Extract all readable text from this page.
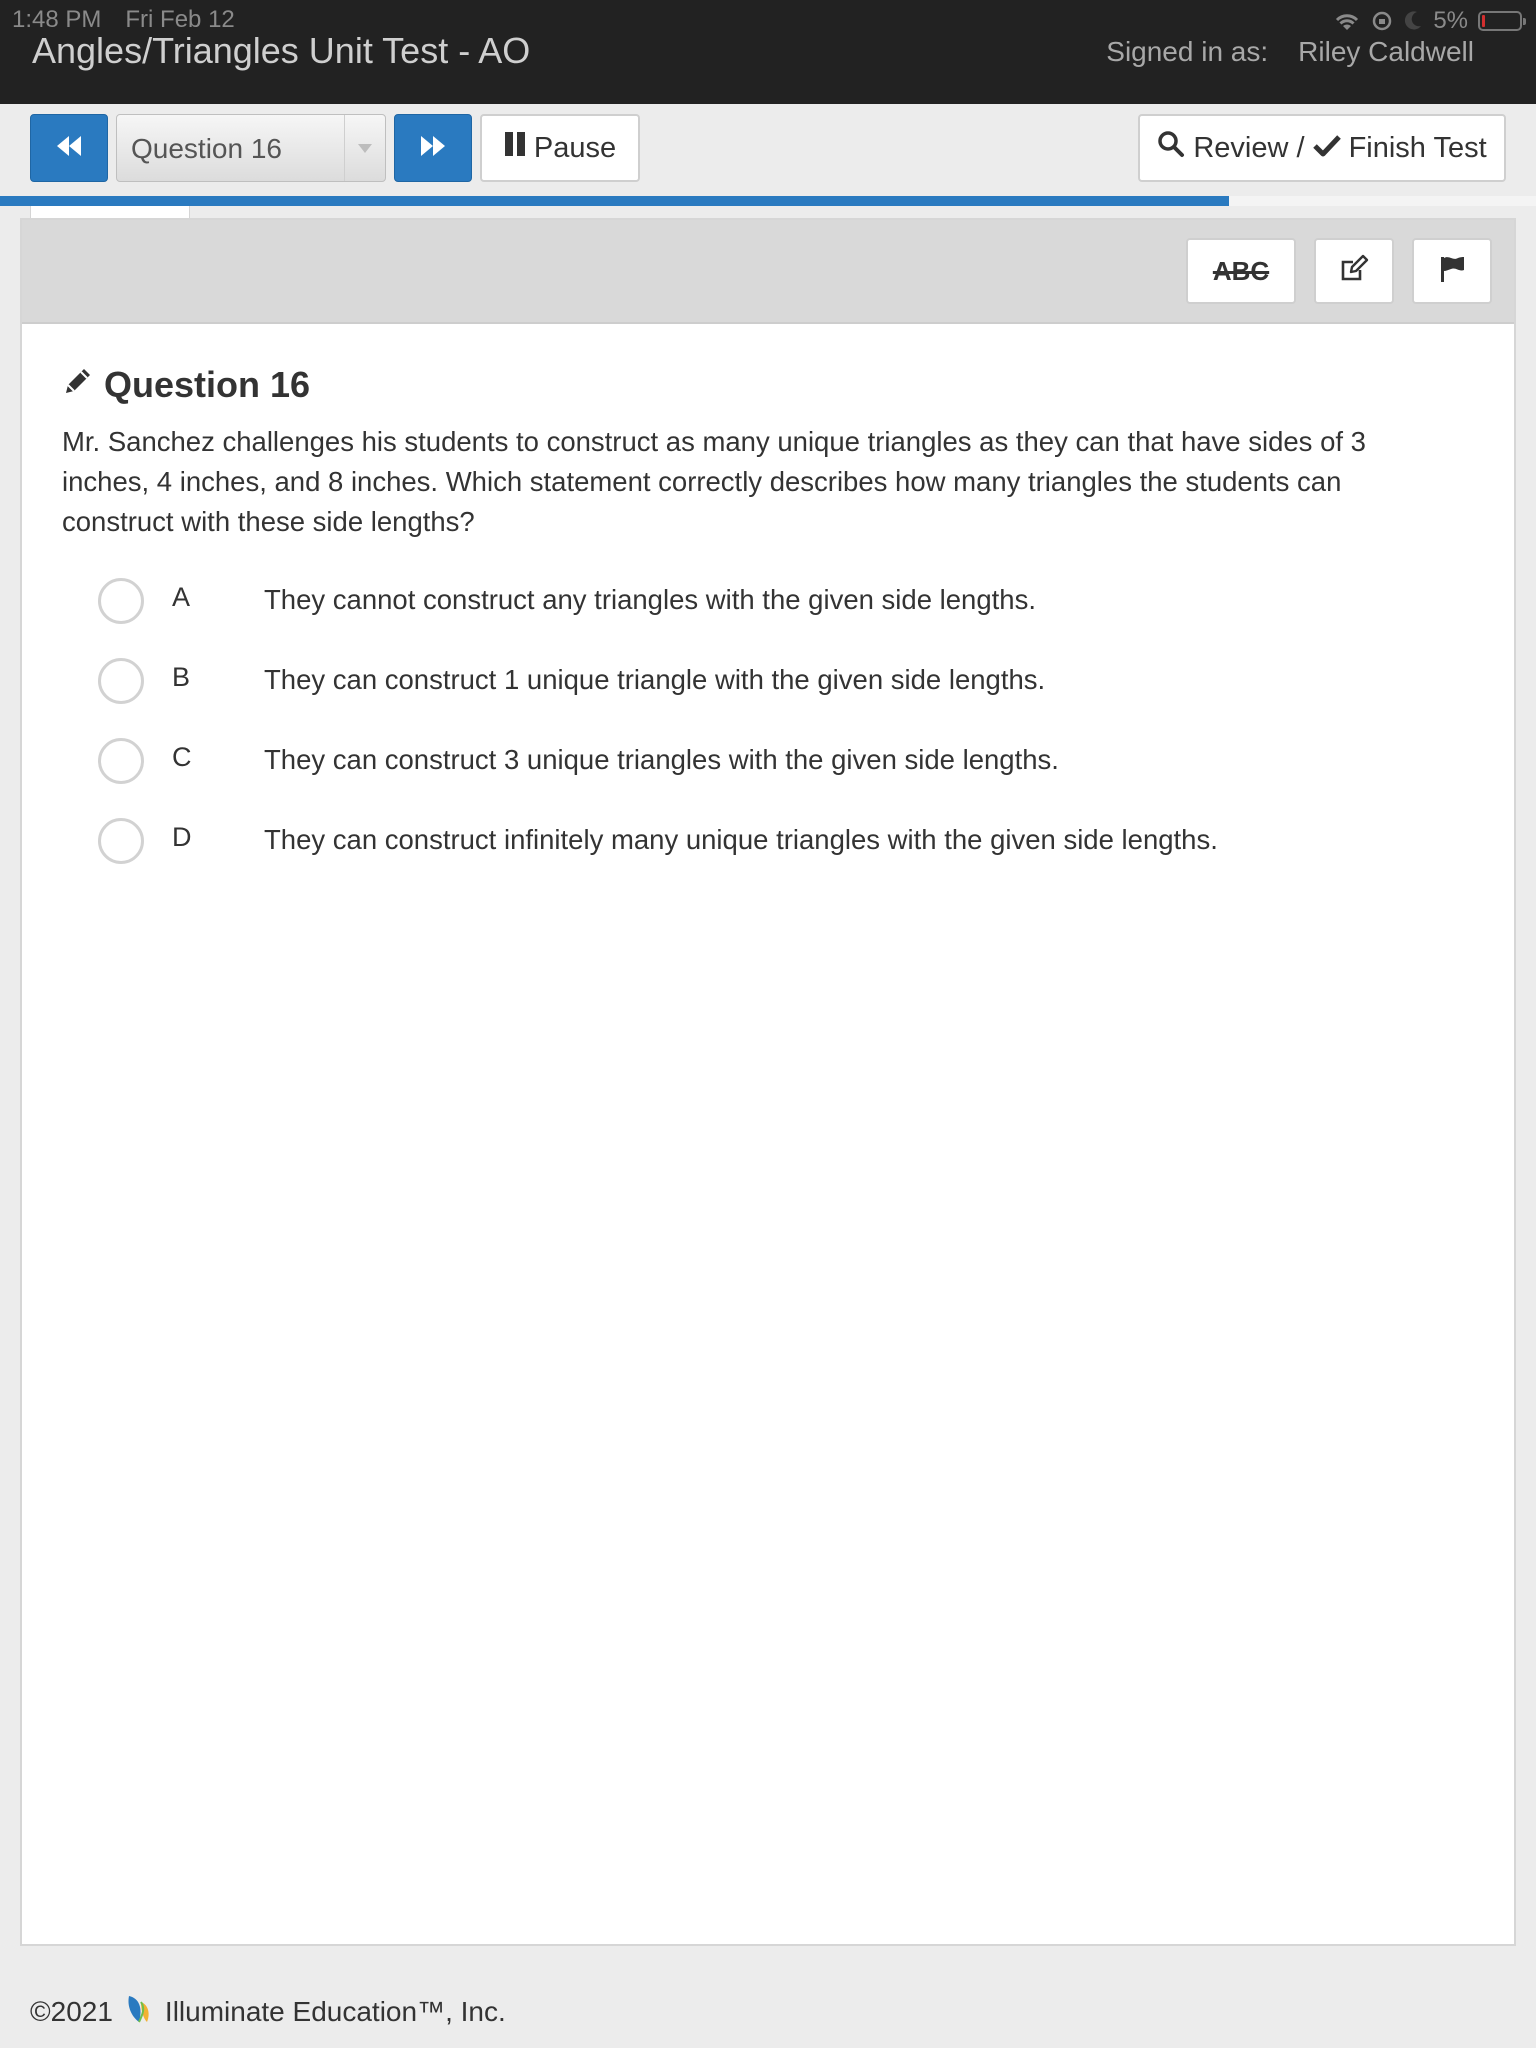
1:48 PM Fri Feb 12	5%
Angles/Triangles Unit Test - AO	Signed in as: Riley Caldwell
Question 16	Pause	Review / Finish Test
ABC
Question 16
Mr. Sanchez challenges his students to construct as many unique triangles as they can that have sides of 3 inches, 4 inches, and 8 inches. Which statement correctly describes how many triangles the students can construct with these side lengths?
A	They cannot construct any triangles with the given side lengths.
B	They can construct 1 unique triangle with the given side lengths.
C	They can construct 3 unique triangles with the given side lengths.
D	They can construct infinitely many unique triangles with the given side lengths.
©2021 Illuminate Education™, Inc.
